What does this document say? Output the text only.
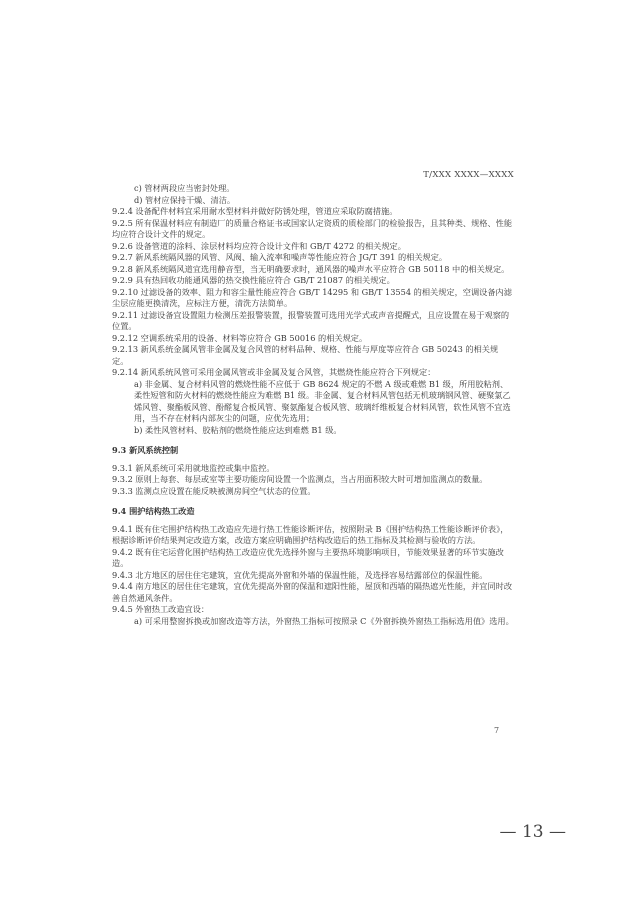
T/XXX XXXX—XXXX

c) 管材两段应当密封处理。

d) 管材应保持干燥、清洁。

9.2.4 设备配件材料宜采用耐水型材料并做好防锈处理，管道应采取防腐措施。

9.2.5 所有保温材料应有制造厂的质量合格证书或国家认定资质的质检部门的检验报告，且其种类、规格、性能均应符合设计文件的规定。

9.2.6 设备管道的涂料、涂层材料均应符合设计文件和 GB/T 4272 的相关规定。

9.2.7 新风系统隔风器的风管、风阀、输入流率和噪声等性能应符合 JG/T 391 的相关规定。

9.2.8 新风系统隔风道宜选用静音型，当无明确要求时，通风器的噪声水平应符合 GB 50118 中的相关规定。

9.2.9 具有热回收功能通风器的热交换性能应符合 GB/T 21087 的相关规定。

9.2.10 过滤设备的效率、阻力和容尘量性能应符合 GB/T 14295 和 GB/T 13554 的相关规定，空调设备内滤尘层应能更换清洗，应标注方便，清洗方法简单。

9.2.11 过滤设备宜设置阻力检测压差报警装置，报警装置可选用光学式或声音提醒式，且应设置在易于观察的位置。

9.2.12 空调系统采用的设备、材料等应符合 GB 50016 的相关规定。

9.2.13 新风系统金属风管非金属及复合风管的材料品种、规格、性能与厚度等应符合 GB 50243 的相关规定。

9.2.14 新风系统风管可采用金属风管或非金属及复合风管，其燃烧性能应符合下列规定：

a) 非金属、复合材料风管的燃烧性能不应低于 GB 8624 规定的不燃 A 级或难燃 B1 级，所用胶粘剂、柔性短管和防火材料的燃烧性能应为难燃 B1 级。非金属、复合材料风管包括无机玻璃钢风管、硬聚氯乙烯风管、聚酯板风管、酚醛复合板风管、聚氨酯复合板风管、玻璃纤维板复合材料风管，软性风管不宜选用，当不存在材料内部灰尘的问题，应优先选用；

b) 柔性风管材料、胶粘剂的燃烧性能应达到难燃 B1 级。

9.3 新风系统控制

9.3.1 新风系统可采用就地监控或集中监控。

9.3.2 原则上每套、每层或室等主要功能房间设置一个监测点，当占用面积较大时可增加监测点的数量。

9.3.3 监测点应设置在能反映被测房间空气状态的位置。

9.4 围护结构热工改造

9.4.1 既有住宅围护结构热工改造应先进行热工性能诊断评估，按照附录 B《围护结构热工性能诊断评价表》，根据诊断评价结果判定改造方案，改造方案应明确围护结构改造后的热工指标及其检测与验收的方法。

9.4.2 既有住宅运营化围护结构热工改造应优先选择外窗与主要热环境影响项目，节能效果显著的环节实施改造。

9.4.3 北方地区的居住住宅建筑，宜优先提高外窗和外墙的保温性能，及选择容易结露部位的保温性能。

9.4.4 南方地区的居住住宅建筑，宜优先提高外窗的保温和遮阳性能，屋顶和西墙的隔热遮光性能，并宜同时改善自然通风条件。

9.4.5 外窗热工改造宜设：

a) 可采用整窗拆换或加窗改造等方法，外窗热工指标可按照录 C《外窗拆换外窗热工指标选用值》选用。

7
— 13 —
